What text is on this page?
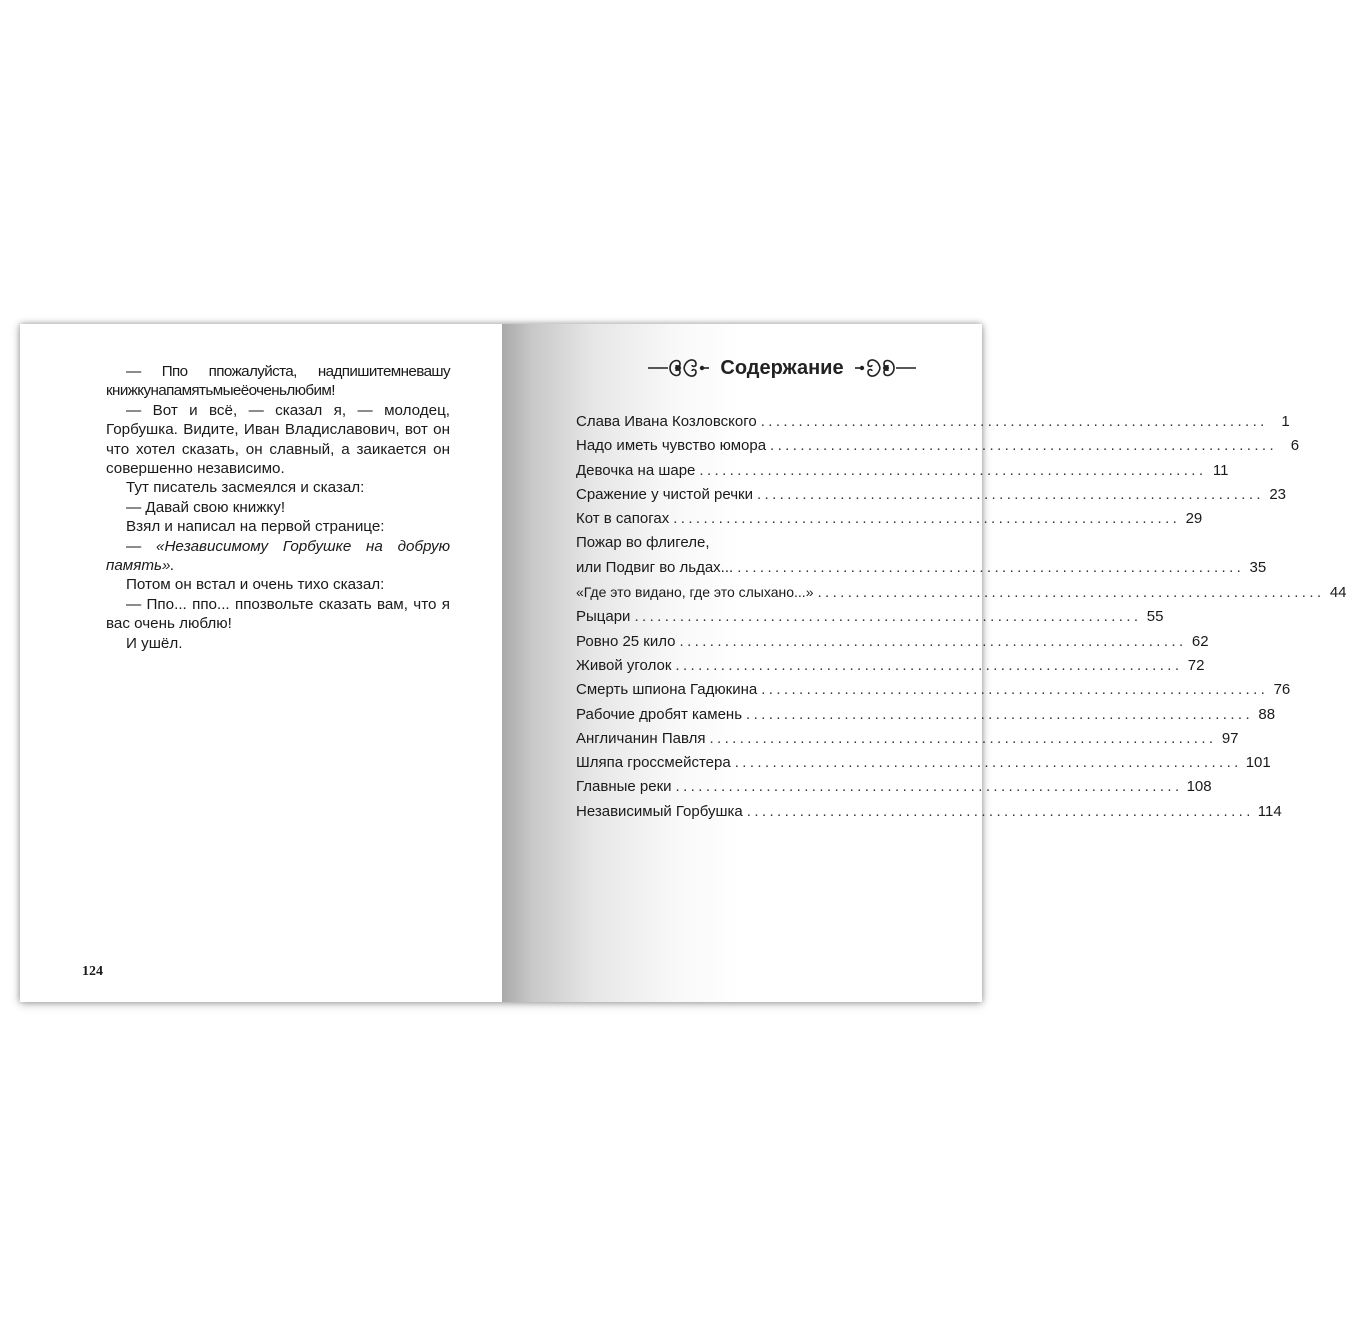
— Ппо ппожалуйста, надпишитемневашу книжкунапамятьмыеёоченьлюбим!

— Вот и всё, — сказал я, — молодец, Горбушка. Видите, Иван Владиславович, вот он что хотел сказать, он славный, а заикается он совершенно независимо.

Тут писатель засмеялся и сказал:

— Давай свою книжку!

Взял и написал на первой странице:

— «Независимому Горбушке на добрую память».

Потом он встал и очень тихо сказал:

— Ппо... ппо... ппозвольте сказать вам, что я вас очень люблю!

И ушёл.

124
Содержание
Слава Ивана Козловского ................................................................... 1
Надо иметь чувство юмора ................................................................... 6
Девочка на шаре ................................................................... 11
Сражение у чистой речки ................................................................... 23
Кот в сапогах ................................................................... 29
Пожар во флигеле,
или Подвиг во льдах... ................................................................... 35
«Где это видано, где это слыхано...» ................................................................... 44
Рыцари ................................................................... 55
Ровно 25 кило ................................................................... 62
Живой уголок ................................................................... 72
Смерть шпиона Гадюкина ................................................................... 76
Рабочие дробят камень ................................................................... 88
Англичанин Павля ................................................................... 97
Шляпа гроссмейстера ................................................................... 101
Главные реки ................................................................... 108
Независимый Горбушка ................................................................... 114
